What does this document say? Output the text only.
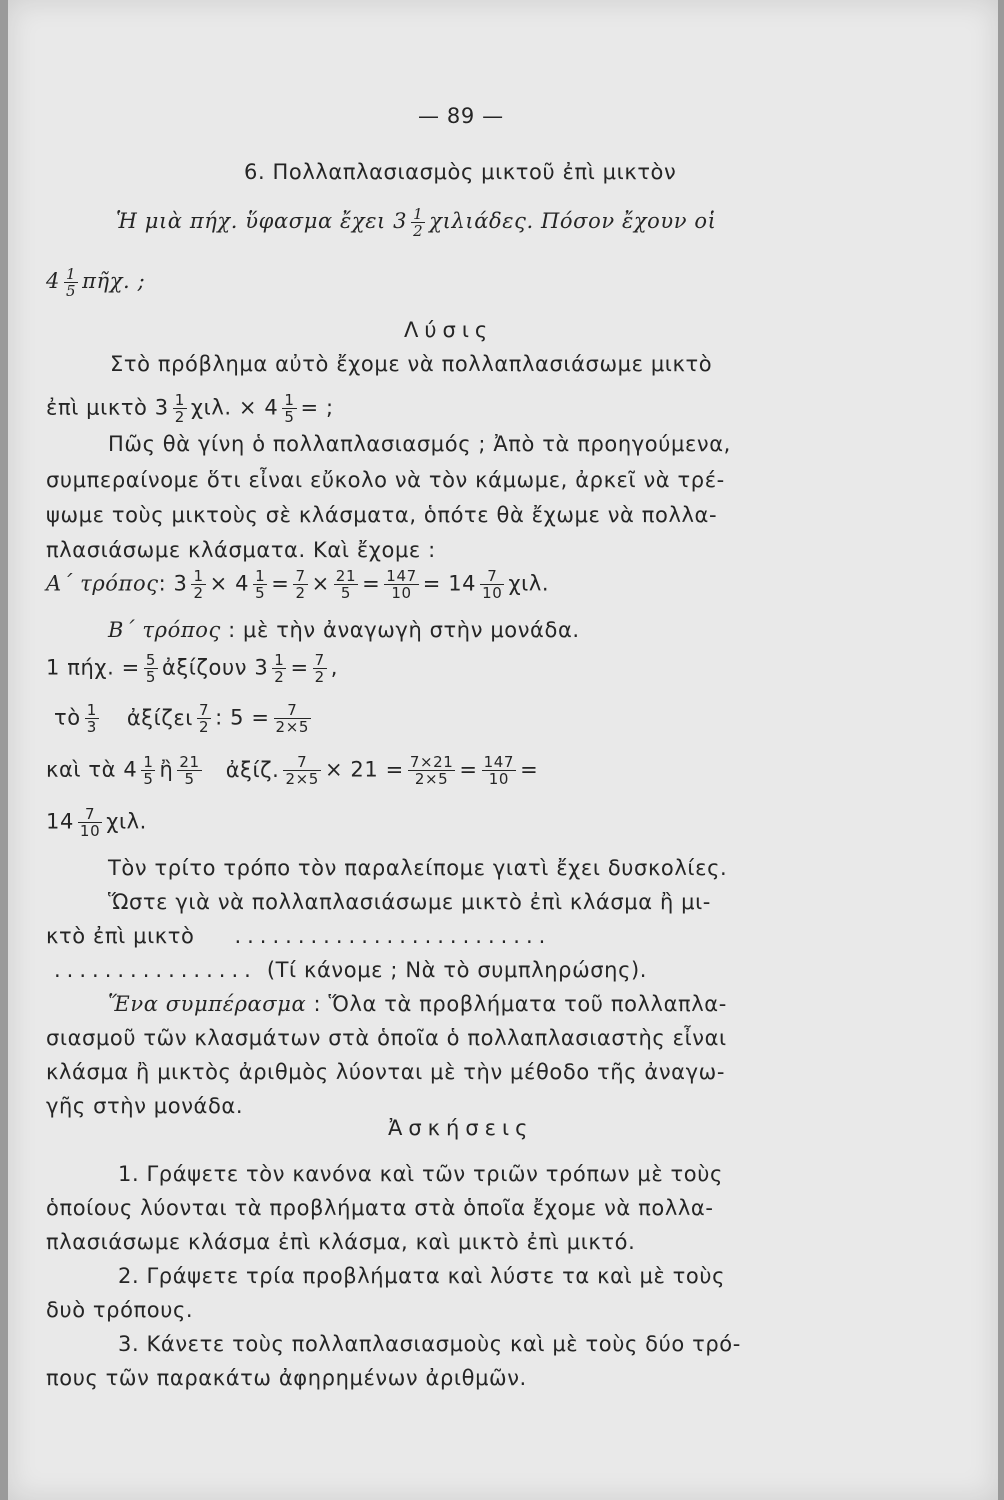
— 89 —
6. Πολλαπλασιασμὸς μικτοῦ ἐπὶ μικτὸν
Ἡ μιὰ πήχ. ὕφασμα ἔχει $3 \frac{1}{2} \chi\iota\lambda\iota ά\delta\varepsilon\varsigma$. Πόσον ἔχουν οἱ
$4 \frac{1}{5}$ πῆχ. ;
Λύσις
Στὸ πρόβλημα αὐτὸ ἔχομε νὰ πολλαπλασιάσωμε μικτὸ
ἐπὶ μικτὸ $3 \frac{1}{2} \chi\iota\lambda$. × $4 \frac{1}{5}$ = ;
Πῶς θὰ γίνη ὁ πολλαπλασιασμός ; Ἀπὸ τὰ προηγούμενα,
συμπεραίνομε ὅτι εἶναι εὔκολο νὰ τὸν κάμωμε, ἀρκεῖ νὰ τρέ-
ψωμε τοὺς μικτοὺς σὲ κλάσματα, ὁπότε θὰ ἔχωμε νὰ πολλα-
πλασιάσωμε κλάσματα. Καὶ ἔχομε :
Α΄ τρόπος: $3 \frac{1}{2} \times 4 \frac{1}{5} = \frac{7}{2} \times \frac{21}{5} = \frac{147}{10} = 14 \frac{7}{10} \chi\iota\lambda$.
Β΄ τρόπος : μὲ τὴν ἀναγωγὴ στὴν μονάδα.
1 πήχ. = $\frac{5}{5}$ ἀξίζουν $3 \frac{1}{2} = \frac{7}{2}$ ,
τὸ $\frac{1}{3}$ ἀξίζει $\frac{7}{2}$ : $5 = \frac{7}{2\times 5}$
καὶ τὰ $4 \frac{1}{5}$ ἢ $\frac{21}{5}$ ἀξίζ. $\frac{7}{2\times 5} \times 21 = \frac{7\times 21}{2\times 5} = \frac{147}{10}$ =
$14 \frac{7}{10} \chi\iota\lambda$.
Τὸν τρίτο τρόπο τὸν παραλείπομε γιατὶ ἔχει δυσκολίες.
Ὥστε γιὰ νὰ πολλαπλασιάσωμε μικτὸ ἐπὶ κλάσμα ἢ μι-
κτὸ ἐπὶ μικτὸ .........................
................ (Τί κάνομε ; Νὰ τὸ συμπληρώσης).
Ἕνα συμπέρασμα : Ὅλα τὰ προβλήματα τοῦ πολλαπλα-
σιασμοῦ τῶν κλασμάτων στὰ ὁποῖα ὁ πολλαπλασιαστὴς εἶναι
κλάσμα ἢ μικτὸς ἀριθμὸς λύονται μὲ τὴν μέθοδο τῆς ἀναγω-
γῆς στὴν μονάδα.
Ἀσκήσεις
1. Γράψετε τὸν κανόνα καὶ τῶν τριῶν τρόπων μὲ τοὺς
ὁποίους λύονται τὰ προβλήματα στὰ ὁποῖα ἔχομε νὰ πολλα-
πλασιάσωμε κλάσμα ἐπὶ κλάσμα, καὶ μικτὸ ἐπὶ μικτό.
2. Γράψετε τρία προβλήματα καὶ λύστε τα καὶ μὲ τοὺς
δυὸ τρόπους.
3. Κάνετε τοὺς πολλαπλασιασμοὺς καὶ μὲ τοὺς δύο τρό-
πους τῶν παρακάτω ἀφηρημένων ἀριθμῶν.
